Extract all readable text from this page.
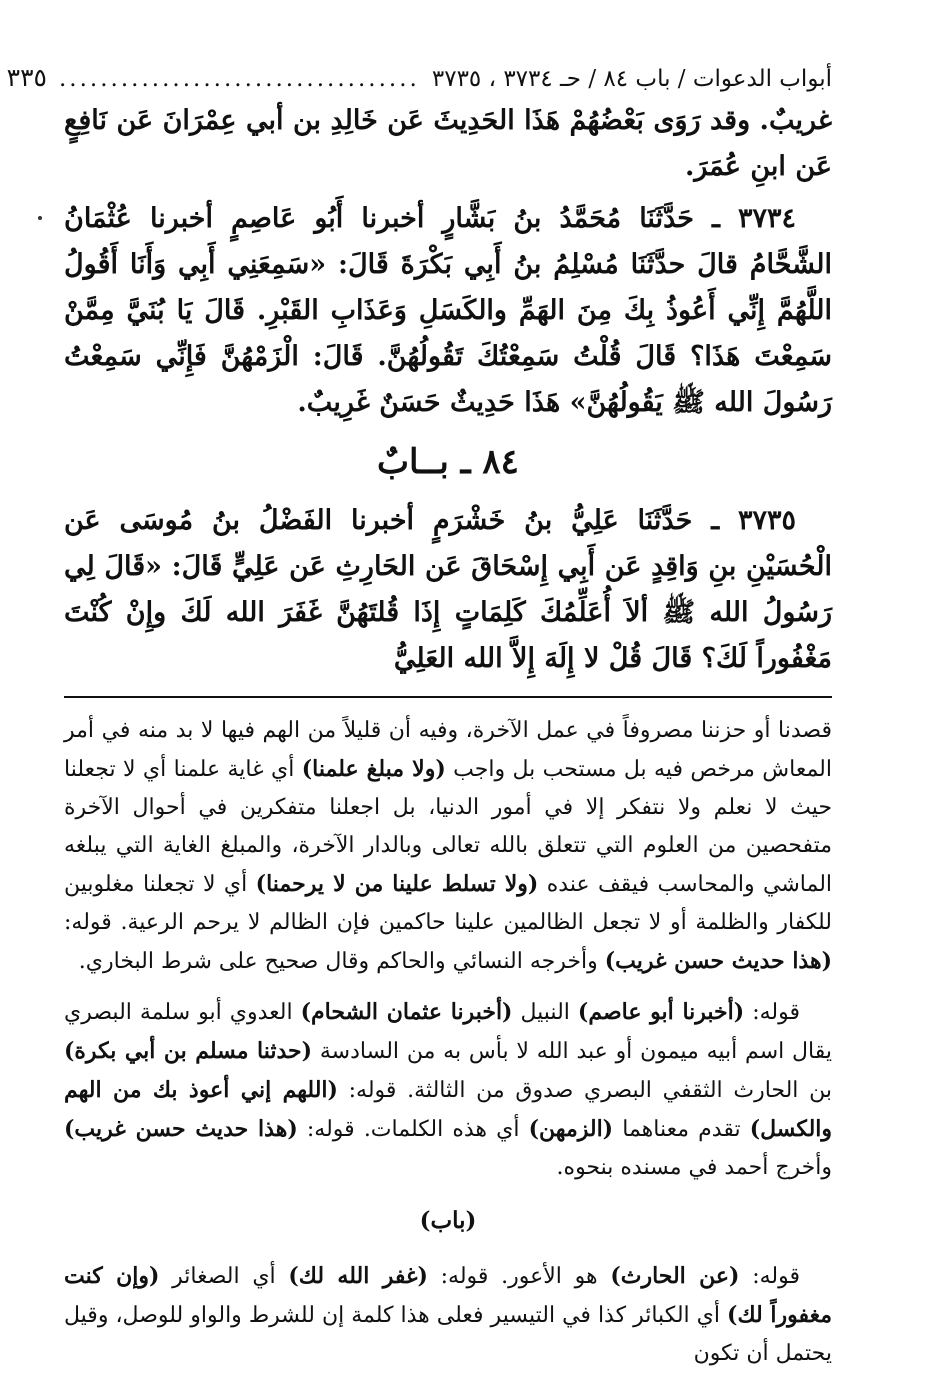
أبواب الدعوات / باب ٨٤ / حـ ٣٧٣٤ ، ٣٧٣٥
...................................
٣٣٥

غريبٌ. وقد رَوَى بَعْضُهُمْ هَذَا الحَدِيثَ عَن خَالِدِ بن أبي عِمْرَانَ عَن نَافِعٍ عَن ابنِ عُمَرَ.

٣٧٣٤ ـ حَدَّثَنَا مُحَمَّدُ بنُ بَشَّارٍ أخبرنا أَبُو عَاصِمٍ أخبرنا عُثْمَانُ الشَّحَّامُ قالَ حدَّثَنَا مُسْلِمُ بنُ أَبِي بَكْرَةَ قَالَ: «سَمِعَنِي أَبِي وَأَنَا أَقُولُ اللَّهُمَّ إِنِّي أَعُوذُ بِكَ مِنَ الهَمِّ والكَسَلِ وَعَذَابِ القَبْرِ. قَالَ يَا بُنَيَّ مِمَّنْ سَمِعْتَ هَذَا؟ قَالَ قُلْتُ سَمِعْتُكَ تَقُولُهُنَّ. قَالَ: الْزَمْهُنَّ فَإِنِّي سَمِعْتُ رَسُولَ الله ﷺ يَقُولُهُنَّ» هَذَا حَدِيثٌ حَسَنٌ غَرِيبٌ.

٨٤ ـ بــابٌ

٣٧٣٥ ـ حَدَّثَنَا عَلِيُّ بنُ خَشْرَمٍ أخبرنا الفَضْلُ بنُ مُوسَى عَن الْحُسَيْنِ بنِ وَاقِدٍ عَن أَبِي إِسْحَاقَ عَن الحَارِثِ عَن عَلِيٍّ قَالَ: «قَالَ لِي رَسُولُ الله ﷺ ألاَ أُعَلِّمُكَ كَلِمَاتٍ إِذَا قُلتَهُنَّ غَفَرَ الله لَكَ وإِنْ كُنْتَ مَغْفُوراً لَكَ؟ قَالَ قُلْ لا إِلَهَ إِلاَّ الله العَلِيُّ

قصدنا أو حزننا مصروفاً في عمل الآخرة، وفيه أن قليلاً من الهم فيها لا بد منه في أمر المعاش مرخص فيه بل مستحب بل واجب (ولا مبلغ علمنا) أي غاية علمنا أي لا تجعلنا حيث لا نعلم ولا نتفكر إلا في أمور الدنيا، بل اجعلنا متفكرين في أحوال الآخرة متفحصين من العلوم التي تتعلق بالله تعالى وبالدار الآخرة، والمبلغ الغاية التي يبلغه الماشي والمحاسب فيقف عنده (ولا تسلط علينا من لا يرحمنا) أي لا تجعلنا مغلوبين للكفار والظلمة أو لا تجعل الظالمين علينا حاكمين فإن الظالم لا يرحم الرعية. قوله: (هذا حديث حسن غريب) وأخرجه النسائي والحاكم وقال صحيح على شرط البخاري.

قوله: (أخبرنا أبو عاصم) النبيل (أخبرنا عثمان الشحام) العدوي أبو سلمة البصري يقال اسم أبيه ميمون أو عبد الله لا بأس به من السادسة (حدثنا مسلم بن أبي بكرة) بن الحارث الثقفي البصري صدوق من الثالثة. قوله: (اللهم إني أعوذ بك من الهم والكسل) تقدم معناهما (الزمهن) أي هذه الكلمات. قوله: (هذا حديث حسن غريب) وأخرج أحمد في مسنده بنحوه.

(باب)

قوله: (عن الحارث) هو الأعور. قوله: (غفر الله لك) أي الصغائر (وإن كنت مغفوراً لك) أي الكبائر كذا في التيسير فعلى هذا كلمة إن للشرط والواو للوصل، وقيل يحتمل أن تكون
